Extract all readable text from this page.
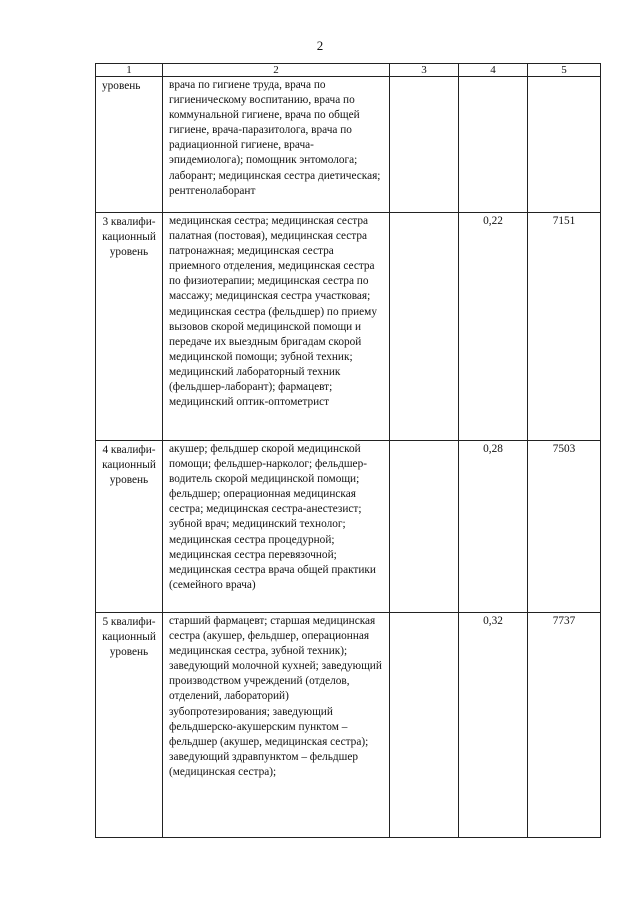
2
1	2	3	4	5
уровень	врача по гигиене труда, врача по гигиеническому воспитанию, врача по коммунальной гигиене, врача по общей гигиене, врача-паразитолога, врача по радиационной гигиене, врача-эпидемиолога); помощник энтомолога; лаборант; медицинская сестра диетическая; рентгенолаборант			
3 квалифи-кационный уровень	медицинская сестра; медицинская сестра палатная (постовая), медицинская сестра патронажная; медицинская сестра приемного отделения, медицинская сестра по физиотерапии; медицинская сестра по массажу; медицинская сестра участковая; медицинская сестра (фельдшер) по приему вызовов скорой медицинской помощи и передаче их выездным бригадам скорой медицинской помощи; зубной техник; медицинский лабораторный техник (фельдшер-лаборант); фармацевт; медицинский оптик-оптометрист		0,22	7151
4 квалифи-кационный уровень	акушер; фельдшер скорой медицинской помощи; фельдшер-нарколог; фельдшер-водитель скорой медицинской помощи; фельдшер; операционная медицинская сестра; медицинская сестра-анестезист; зубной врач; медицинский технолог; медицинская сестра процедурной; медицинская сестра перевязочной; медицинская сестра врача общей практики (семейного врача)		0,28	7503
5 квалифи-кационный уровень	старший фармацевт; старшая медицинская сестра (акушер, фельдшер, операционная медицинская сестра, зубной техник); заведующий молочной кухней; заведующий производством учреждений (отделов, отделений, лабораторий) зубопротезирования; заведующий фельдшерско-акушерским пунктом – фельдшер (акушер, медицинская сестра); заведующий здравпунктом – фельдшер (медицинская сестра);		0,32	7737
